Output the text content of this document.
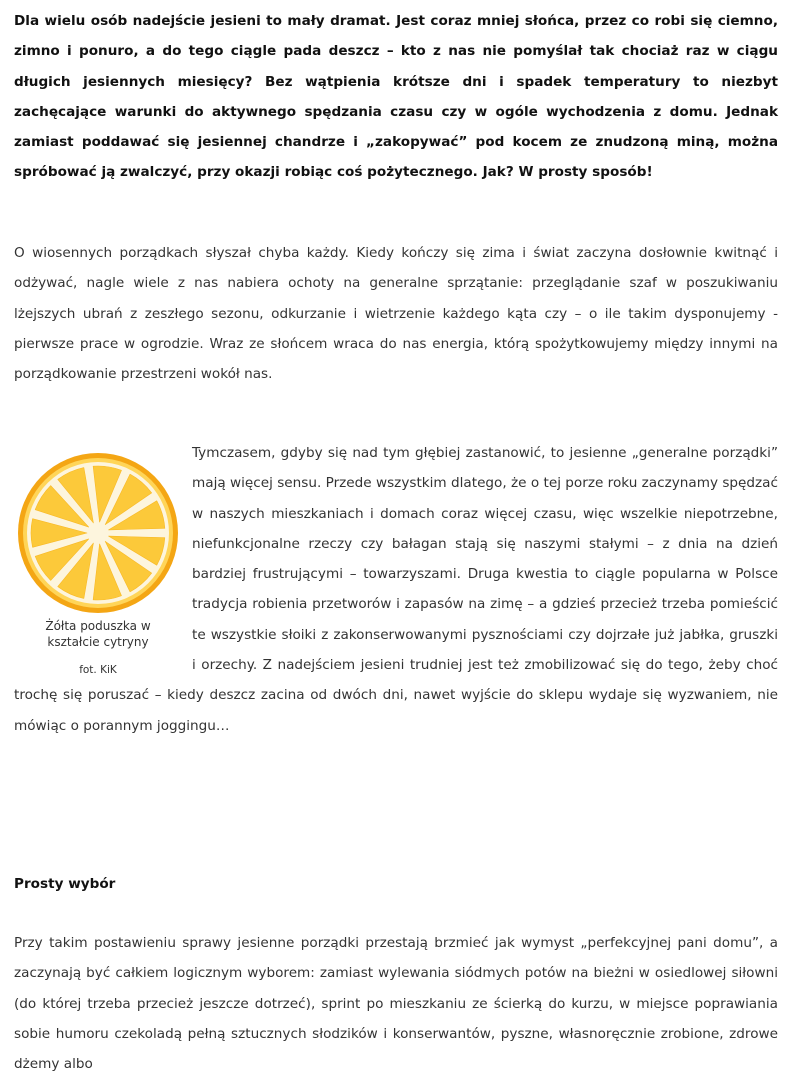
Dla wielu osób nadejście jesieni to mały dramat. Jest coraz mniej słońca, przez co robi się ciemno, zimno i ponuro, a do tego ciągle pada deszcz – kto z nas nie pomyślał tak chociaż raz w ciągu długich jesiennych miesięcy? Bez wątpienia krótsze dni i spadek temperatury to niezbyt zachęcające warunki do aktywnego spędzania czasu czy w ogóle wychodzenia z domu. Jednak zamiast poddawać się jesiennej chandrze i „zakopywać” pod kocem ze znudzoną miną, można spróbować ją zwalczyć, przy okazji robiąc coś pożytecznego. Jak? W prosty sposób!

O wiosennych porządkach słyszał chyba każdy. Kiedy kończy się zima i świat zaczyna dosłownie kwitnąć i odżywać, nagle wiele z nas nabiera ochoty na generalne sprzątanie: przeglądanie szaf w poszukiwaniu lżejszych ubrań z zeszłego sezonu, odkurzanie i wietrzenie każdego kąta czy – o ile takim dysponujemy - pierwsze prace w ogrodzie. Wraz ze słońcem wraca do nas energia, którą spożytkowujemy między innymi na porządkowanie przestrzeni wokół nas.

Tymczasem, gdyby się nad tym głębiej zastanowić, to jesienne „generalne porządki” mają więcej sensu. Przede wszystkim dlatego, że o tej porze roku zaczynamy spędzać w naszych mieszkaniach i domach coraz więcej czasu, więc wszelkie niepotrzebne, niefunkcjonalne rzeczy czy bałagan stają się naszymi stałymi – z dnia na dzień bardziej frustrującymi – towarzyszami. Druga kwestia to ciągle popularna w Polsce tradycja robienia przetworów i zapasów na zimę – a gdzieś przecież trzeba pomieścić te wszystkie słoiki z zakonserwowanymi pysznościami czy dojrzałe już jabłka, gruszki i orzechy. Z nadejściem jesieni trudniej jest też zmobilizować się do tego, żeby choć trochę się poruszać – kiedy deszcz zacina od dwóch dni, nawet wyjście do sklepu wydaje się wyzwaniem, nie mówiąc o porannym joggingu…

Żółta poduszka w
kształcie cytryny

fot. KiK

Prosty wybór

Przy takim postawieniu sprawy jesienne porządki przestają brzmieć jak wymyst „perfekcyjnej pani domu”, a zaczynają być całkiem logicznym wyborem: zamiast wylewania siódmych potów na bieżni w osiedlowej siłowni (do której trzeba przecież jeszcze dotrzeć), sprint po mieszkaniu ze ścierką do kurzu, w miejsce poprawiania sobie humoru czekoladą pełną sztucznych słodzików i konserwantów, pyszne, własnoręcznie zrobione, zdrowe dżemy albo
